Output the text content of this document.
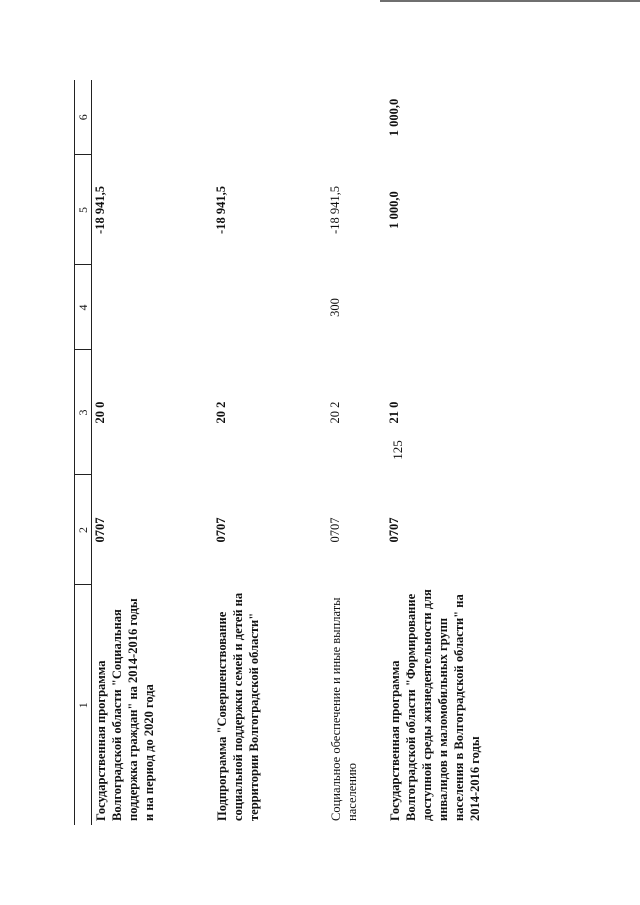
125
1	2	3	4	5	6
Государственная программа Волгоградской области "Социальная поддержка граждан" на 2014-2016 годы и на период до 2020 года	0707	20 0		-18 941,5	
Подпрограмма "Совершенствование социальной поддержки семей и детей на территории Волгоградской области"	0707	20 2		-18 941,5	
Социальное обеспечение и иные выплаты населению	0707	20 2	300	-18 941,5	
Государственная программа Волгоградской области "Формирование доступной среды жизнедеятельности для инвалидов и маломобильных групп населения в Волгоградской области" на 2014-2016 годы	0707	21 0		1 000,0	1 000,0
